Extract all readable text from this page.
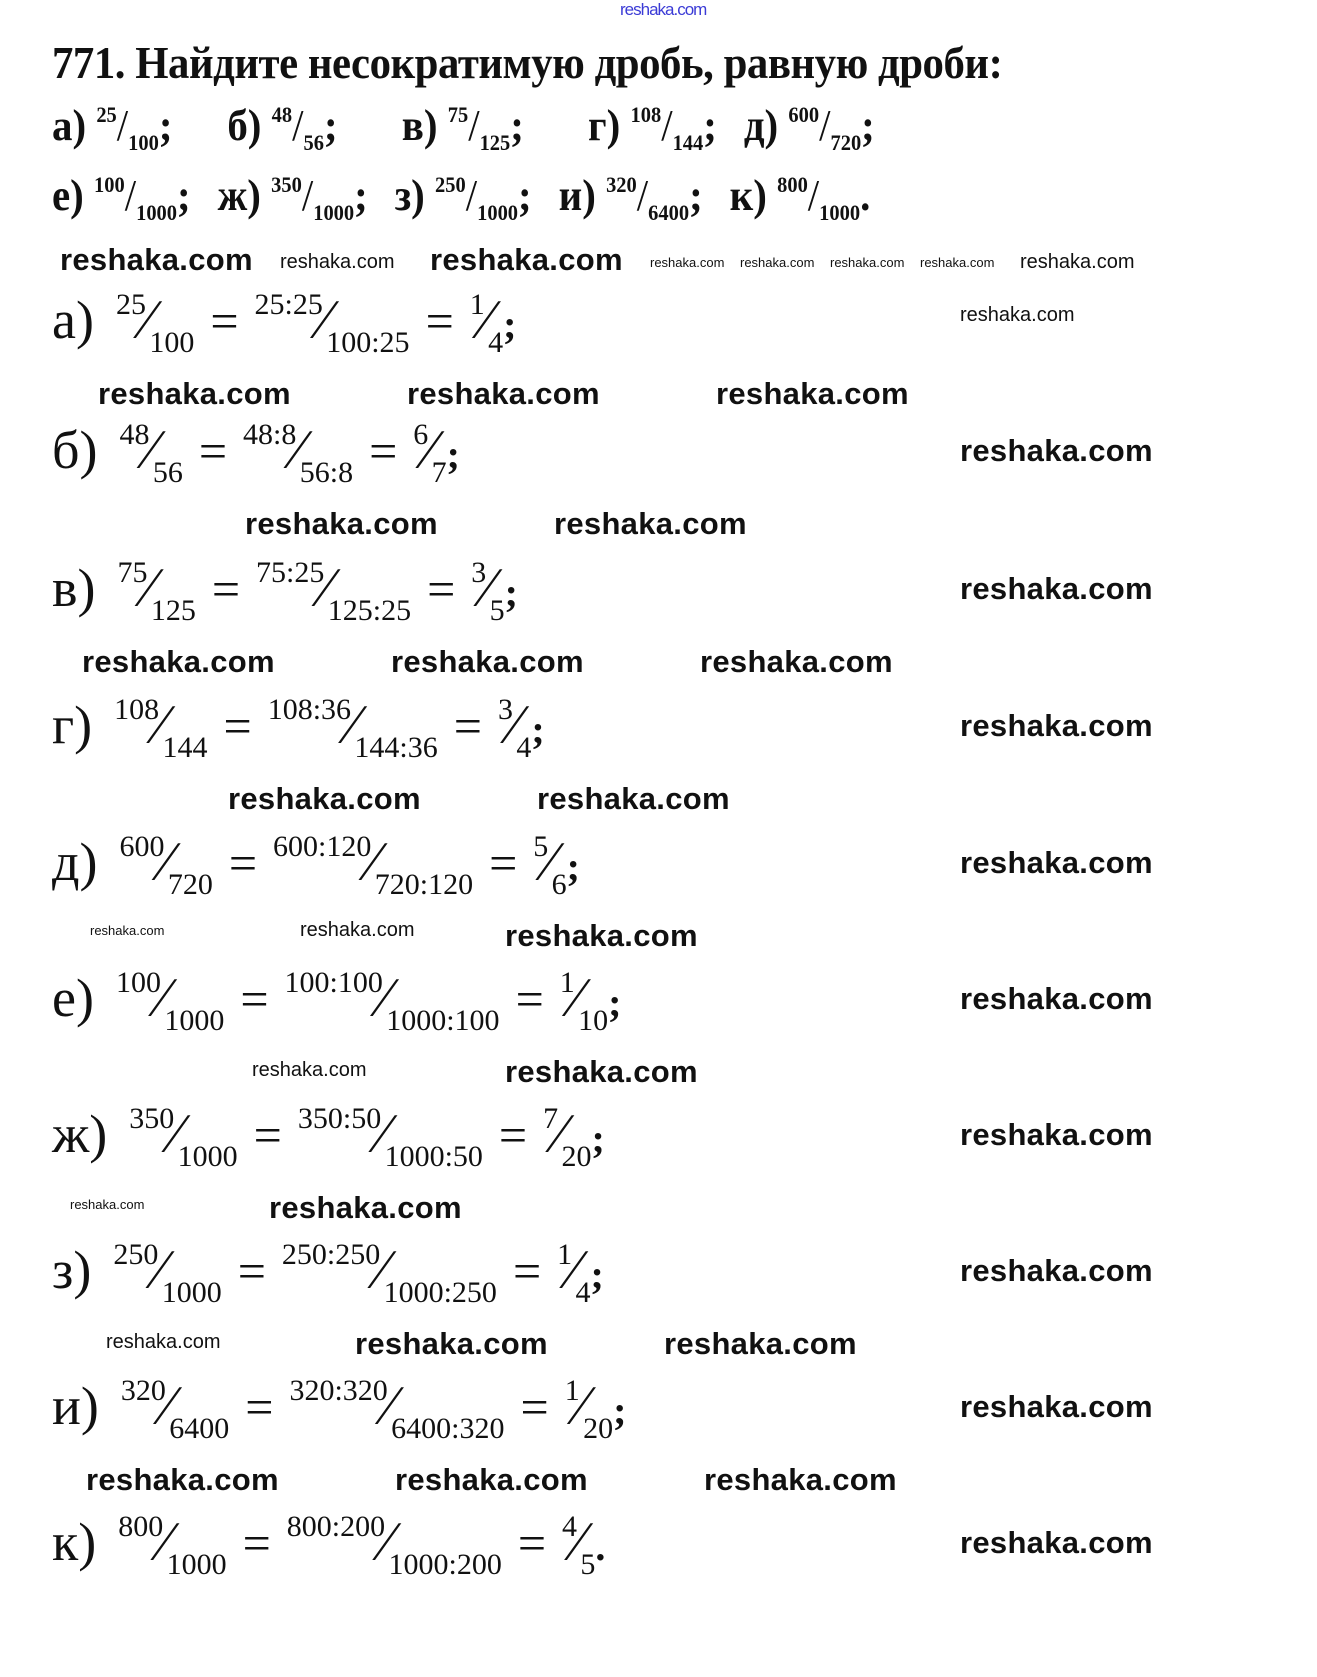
reshaka.com
771. Найдите несократимую дробь, равную дроби:
а) $^{25}/_{100}$; б) $^{48}/_{56}$; в) $^{75}/_{125}$; г) $^{108}/_{144}$; д) $^{600}/_{720}$;
е) $^{100}/_{1000}$; ж) $^{350}/_{1000}$; з) $^{250}/_{1000}$; и) $^{320}/_{6400}$; к) $^{800}/_{1000}$.
а) $^{25}⁄_{100}$ = $^{25:25}⁄_{100:25}$ = $^1⁄_4$;
б) $^{48}⁄_{56}$ = $^{48:8}⁄_{56:8}$ = $^6⁄_7$;
в) $^{75}⁄_{125}$ = $^{75:25}⁄_{125:25}$ = $^3⁄_5$;
г) $^{108}⁄_{144}$ = $^{108:36}⁄_{144:36}$ = $^3⁄_4$;
д) $^{600}⁄_{720}$ = $^{600:120}⁄_{720:120}$ = $^5⁄_6$;
е) $^{100}⁄_{1000}$ = $^{100:100}⁄_{1000:100}$ = $^1⁄_{10}$;
ж) $^{350}⁄_{1000}$ = $^{350:50}⁄_{1000:50}$ = $^7⁄_{20}$;
з) $^{250}⁄_{1000}$ = $^{250:250}⁄_{1000:250}$ = $^1⁄_4$;
и) $^{320}⁄_{6400}$ = $^{320:320}⁄_{6400:320}$ = $^1⁄_{20}$;
к) $^{800}⁄_{1000}$ = $^{800:200}⁄_{1000:200}$ = $^4⁄_5$.
reshaka.com reshaka.com reshaka.com reshaka.com reshaka.com reshaka.com reshaka.com reshaka.com
reshaka.com	reshaka.com	reshaka.com
reshaka.com
reshaka.com	reshaka.com
reshaka.com
reshaka.com	reshaka.com	reshaka.com
reshaka.com
reshaka.com	reshaka.com
reshaka.com
reshaka.com	reshaka.com	reshaka.com
reshaka.com
reshaka.com	reshaka.com
reshaka.com
reshaka.com
reshaka.com
reshaka.com
reshaka.com
reshaka.com	reshaka.com	reshaka.com
reshaka.com
reshaka.com	reshaka.com	reshaka.com
reshaka.com
